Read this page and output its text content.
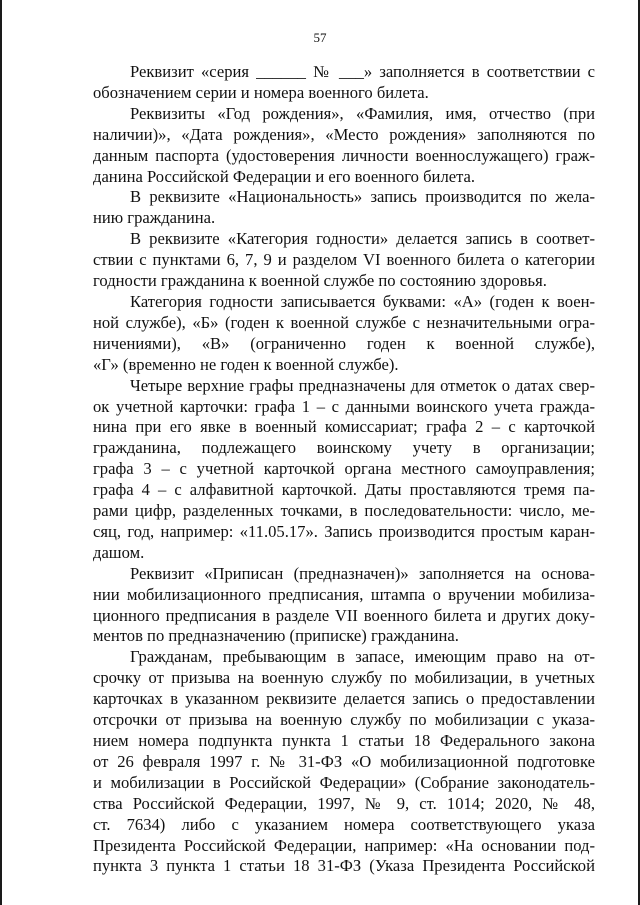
57
Реквизит «серия ______ № ___» заполняется в соответствии с
обозначением серии и номера военного билета.
Реквизиты «Год рождения», «Фамилия, имя, отчество (при
наличии)», «Дата рождения», «Место рождения» заполняются по
данным паспорта (удостоверения личности военнослужащего) граж-
данина Российской Федерации и его военного билета.
В реквизите «Национальность» запись производится по жела-
нию гражданина.
В реквизите «Категория годности» делается запись в соответ-
ствии с пунктами 6, 7, 9 и разделом VI военного билета о категории
годности гражданина к военной службе по состоянию здоровья.
Категория годности записывается буквами: «А» (годен к воен-
ной службе), «Б» (годен к военной службе с незначительными огра-
ничениями), «В» (ограниченно годен к военной службе),
«Г» (временно не годен к военной службе).
Четыре верхние графы предназначены для отметок о датах свер-
ок учетной карточки: графа 1 – с данными воинского учета гражда-
нина при его явке в военный комиссариат; графа 2 – с карточкой
гражданина, подлежащего воинскому учету в организации;
графа 3 – с учетной карточкой органа местного самоуправления;
графа 4 – с алфавитной карточкой. Даты проставляются тремя па-
рами цифр, разделенных точками, в последовательности: число, ме-
сяц, год, например: «11.05.17». Запись производится простым каран-
дашом.
Реквизит «Приписан (предназначен)» заполняется на основа-
нии мобилизационного предписания, штампа о вручении мобилиза-
ционного предписания в разделе VII военного билета и других доку-
ментов по предназначению (приписке) гражданина.
Гражданам, пребывающим в запасе, имеющим право на от-
срочку от призыва на военную службу по мобилизации, в учетных
карточках в указанном реквизите делается запись о предоставлении
отсрочки от призыва на военную службу по мобилизации с указа-
нием номера подпункта пункта 1 статьи 18 Федерального закона
от 26 февраля 1997 г. № 31-ФЗ «О мобилизационной подготовке
и мобилизации в Российской Федерации» (Собрание законодатель-
ства Российской Федерации, 1997, № 9, ст. 1014; 2020, № 48,
ст. 7634) либо с указанием номера соответствующего указа
Президента Российской Федерации, например: «На основании под-
пункта 3 пункта 1 статьи 18 31-ФЗ (Указа Президента Российской
